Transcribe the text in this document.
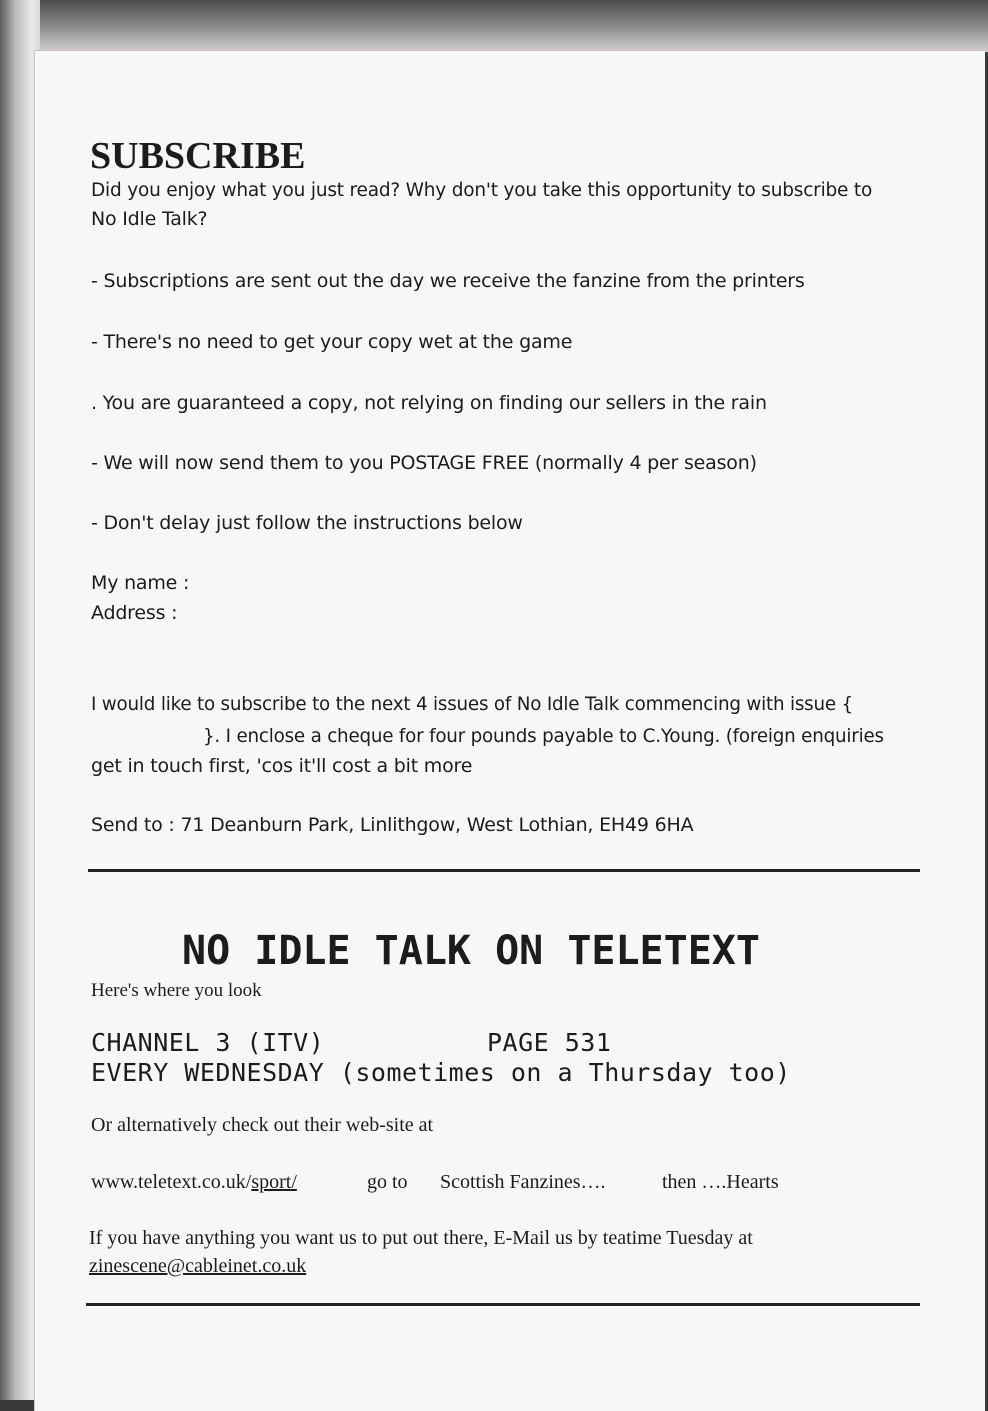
SUBSCRIBE

Did you enjoy what you just read? Why don't you take this opportunity to subscribe to

No Idle Talk?

- Subscriptions are sent out the day we receive the fanzine from the printers

- There's no need to get your copy wet at the game

. You are guaranteed a copy, not relying on finding our sellers in the rain

- We will now send them to you POSTAGE FREE (normally 4 per season)

- Don't delay just follow the instructions below

My name :

Address :

I would like to subscribe to the next 4 issues of No Idle Talk commencing with issue {

}. I enclose a cheque for four pounds payable to C.Young. (foreign enquiries

get in touch first, 'cos it'll cost a bit more

Send to : 71 Deanburn Park, Linlithgow, West Lothian, EH49 6HA

NO IDLE TALK ON TELETEXT

Here's where you look

CHANNEL 3 (ITV)	PAGE 531

EVERY WEDNESDAY (sometimes on a Thursday too)

Or alternatively check out their web-site at

www.teletext.co.uk/sport/	go to Scottish Fanzines….	then ….Hearts

If you have anything you want us to put out there, E-Mail us by teatime Tuesday at

zinescene@cableinet.co.uk
